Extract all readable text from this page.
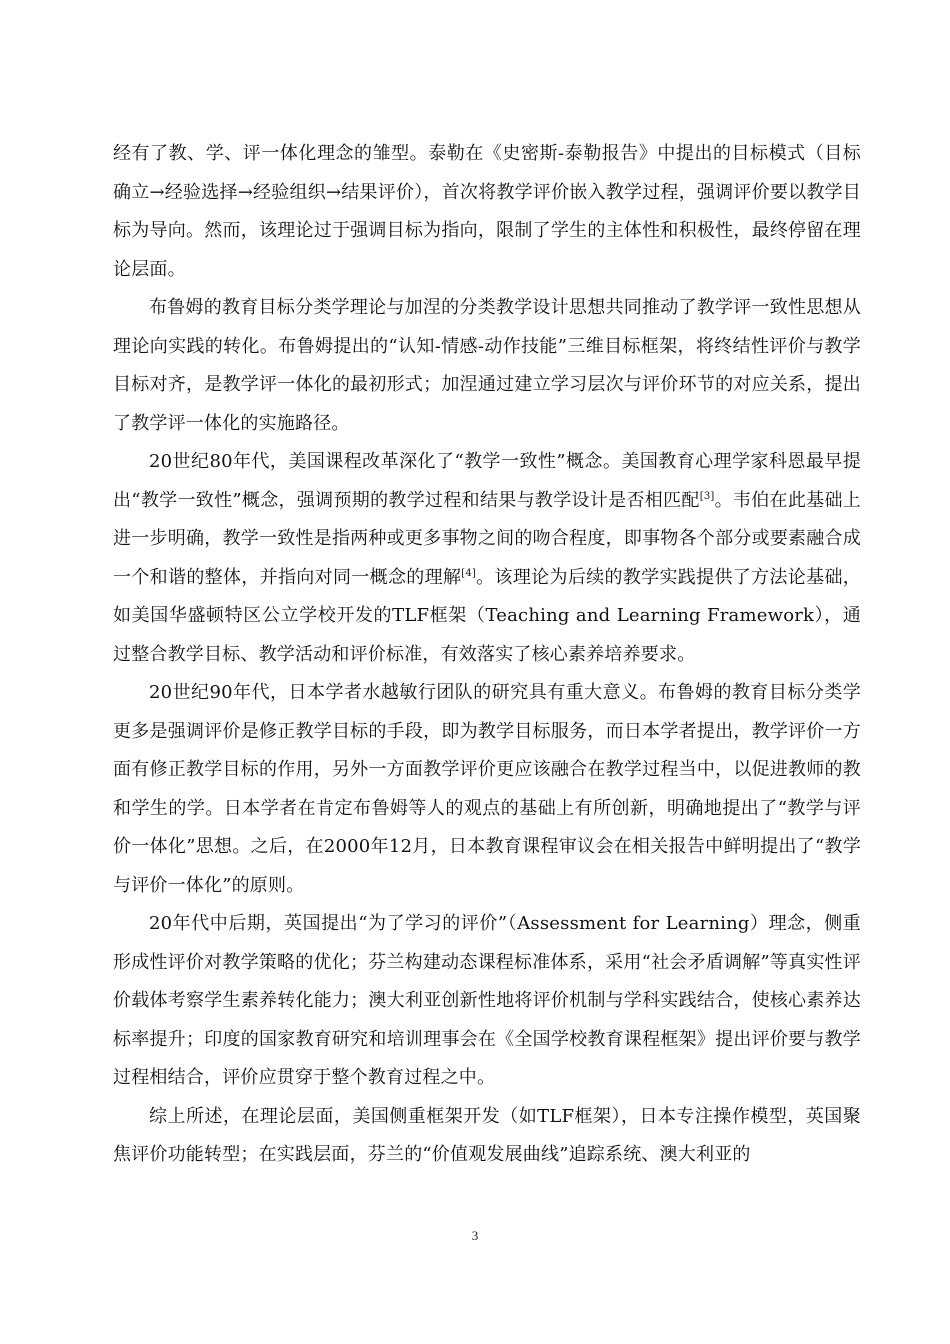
经有了教、学、评一体化理念的雏型。泰勒在《史密斯-泰勒报告》中提出的目标模式（目标确立→经验选择→经验组织→结果评价），首次将教学评价嵌入教学过程，强调评价要以教学目标为导向。然而，该理论过于强调目标为指向，限制了学生的主体性和积极性，最终停留在理论层面。

布鲁姆的教育目标分类学理论与加涅的分类教学设计思想共同推动了教学评一致性思想从理论向实践的转化。布鲁姆提出的“认知-情感-动作技能”三维目标框架，将终结性评价与教学目标对齐，是教学评一体化的最初形式；加涅通过建立学习层次与评价环节的对应关系，提出了教学评一体化的实施路径。

20世纪80年代，美国课程改革深化了“教学一致性”概念。美国教育心理学家科恩最早提出“教学一致性”概念，强调预期的教学过程和结果与教学设计是否相匹配[3]。韦伯在此基础上进一步明确，教学一致性是指两种或更多事物之间的吻合程度，即事物各个部分或要素融合成一个和谐的整体，并指向对同一概念的理解[4]。该理论为后续的教学实践提供了方法论基础，如美国华盛顿特区公立学校开发的TLF框架（Teaching and Learning Framework），通过整合教学目标、教学活动和评价标准，有效落实了核心素养培养要求。

20世纪90年代，日本学者水越敏行团队的研究具有重大意义。布鲁姆的教育目标分类学更多是强调评价是修正教学目标的手段，即为教学目标服务，而日本学者提出，教学评价一方面有修正教学目标的作用，另外一方面教学评价更应该融合在教学过程当中，以促进教师的教和学生的学。日本学者在肯定布鲁姆等人的观点的基础上有所创新，明确地提出了“教学与评价一体化”思想。之后，在2000年12月，日本教育课程审议会在相关报告中鲜明提出了“教学与评价一体化”的原则。

20年代中后期，英国提出“为了学习的评价”（Assessment for Learning）理念，侧重形成性评价对教学策略的优化；芬兰构建动态课程标准体系，采用“社会矛盾调解”等真实性评价载体考察学生素养转化能力；澳大利亚创新性地将评价机制与学科实践结合，使核心素养达标率提升；印度的国家教育研究和培训理事会在《全国学校教育课程框架》提出评价要与教学过程相结合，评价应贯穿于整个教育过程之中。

综上所述，在理论层面，美国侧重框架开发（如TLF框架），日本专注操作模型，英国聚焦评价功能转型；在实践层面，芬兰的“价值观发展曲线”追踪系统、澳大利亚的

3
